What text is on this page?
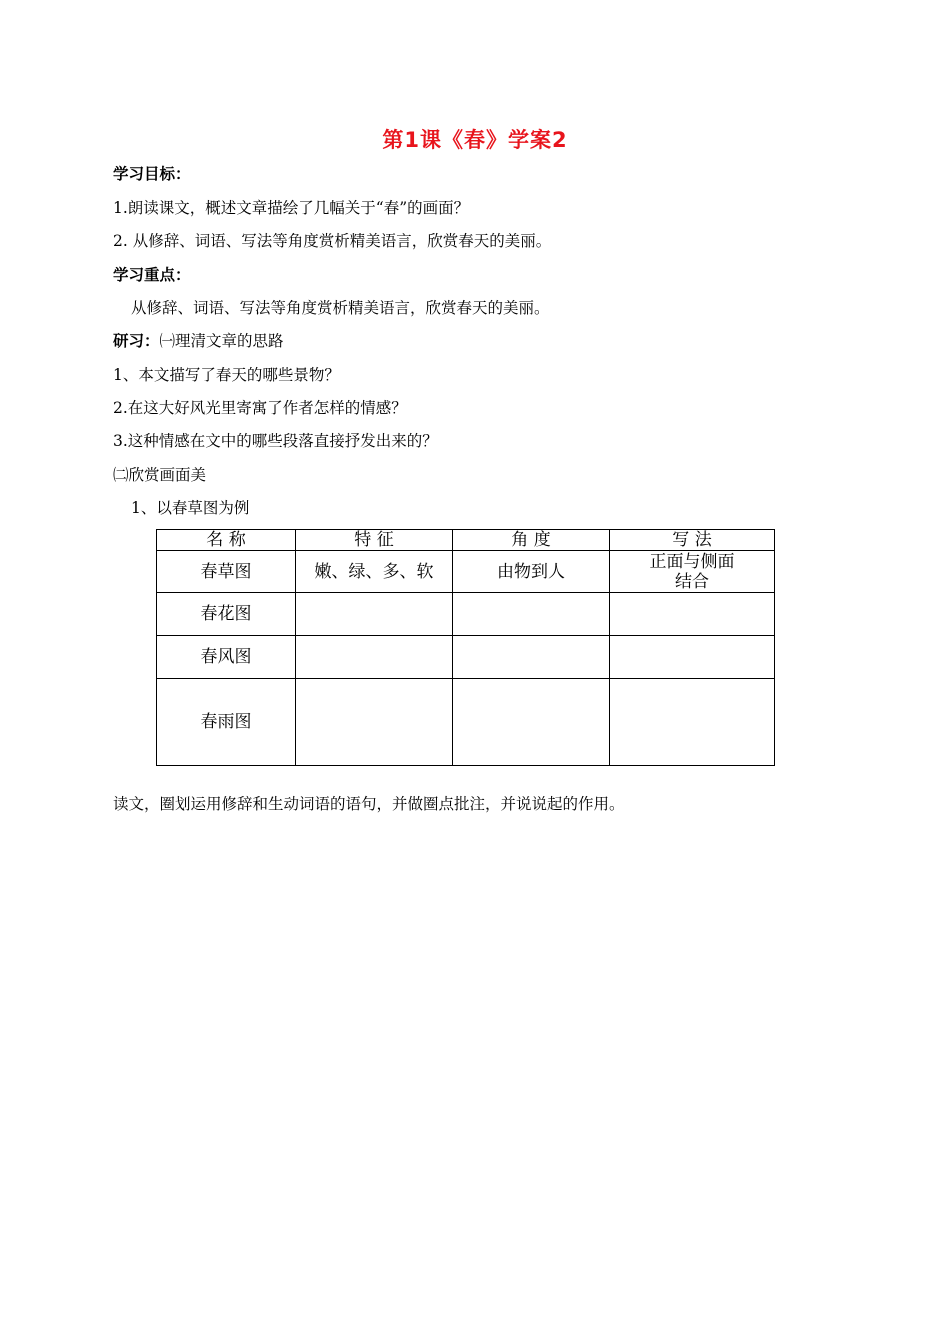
第1课《春》学案2
学习目标：
1.朗读课文，概述文章描绘了几幅关于“春”的画面？
2. 从修辞、词语、写法等角度赏析精美语言，欣赏春天的美丽。
学习重点：
从修辞、词语、写法等角度赏析精美语言，欣赏春天的美丽。
研习：㈠理清文章的思路
1、本文描写了春天的哪些景物？
2.在这大好风光里寄寓了作者怎样的情感？
3.这种情感在文中的哪些段落直接抒发出来的？
㈡欣赏画面美
1、以春草图为例
名 称	特 征	角 度	写 法
春草图	嫩、绿、多、软	由物到人	正面与侧面结合
春花图			
春风图			
春雨图			
读文，圈划运用修辞和生动词语的语句，并做圈点批注，并说说起的作用。
